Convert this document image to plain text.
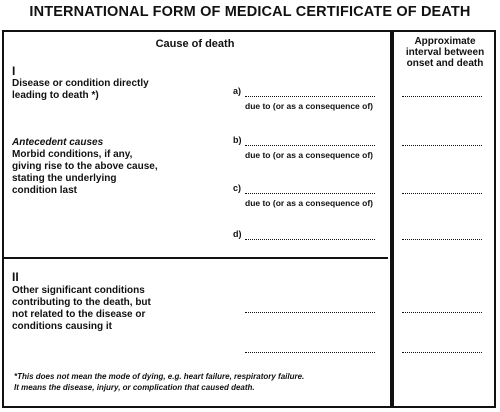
INTERNATIONAL FORM OF MEDICAL CERTIFICATE OF DEATH
Cause of death	Approximate
interval between
onset and death
I
Disease or condition directly
leading to death *)
Antecedent causes
Morbid conditions, if any,
giving rise to the above cause,
stating the underlying
condition last
a)
due to (or as a consequence of)
b)
due to (or as a consequence of)
c)
due to (or as a consequence of)
d)
II
Other significant conditions
contributing to the death, but
not related to the disease or
conditions causing it
*This does not mean the mode of dying, e.g. heart failure, respiratory failure.
It means the disease, injury, or complication that caused death.
